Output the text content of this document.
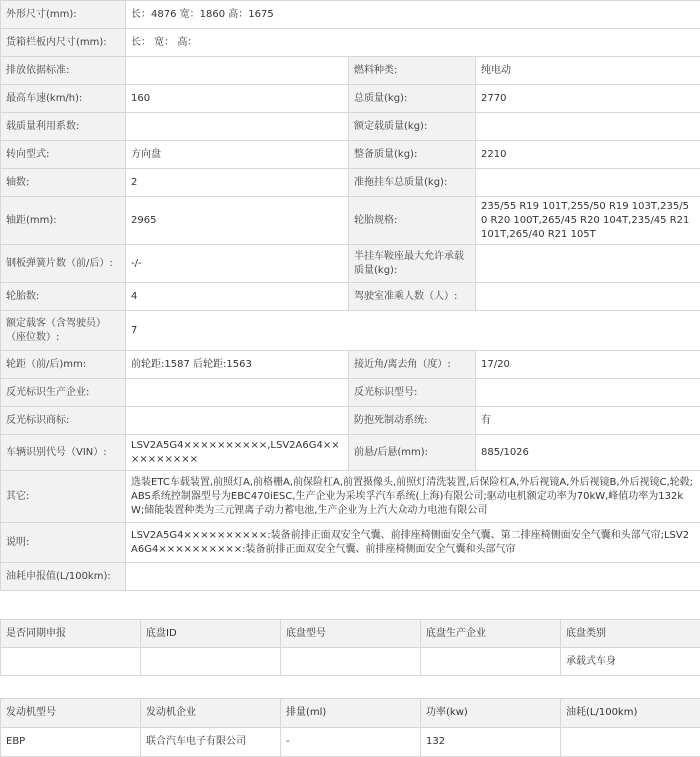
外形尺寸(mm):	长：4876 宽：1860 高：1675		
货箱栏板内尺寸(mm):	长： 宽： 高：		
排放依据标准:		燃料种类:	纯电动
最高车速(km/h):	160	总质量(kg):	2770
载质量利用系数:		额定载质量(kg):	
转向型式:	方向盘	整备质量(kg):	2210
轴数:	2	准拖挂车总质量(kg):	
轴距(mm):	2965	轮胎规格:	235/55 R19 101T,255/50 R19 103T,235/50 R20 100T,265/45 R20 104T,235/45 R21 101T,265/40 R21 105T
钢板弹簧片数（前/后）:	-/-	半挂车鞍座最大允许承载质量(kg):	
轮胎数:	4	驾驶室准乘人数（人）:	
额定载客（含驾驶员）（座位数）:	7		
轮距（前/后)mm:	前轮距:1587 后轮距:1563	接近角/离去角（度）:	17/20
反光标识生产企业:		反光标识型号:	
反光标识商标:		防抱死制动系统:	有
车辆识别代号（VIN）:	LSV2A5G4××××××××××,LSV2A6G4××××××××××	前悬/后悬(mm):	885/1026
其它:	选装ETC车载装置,前照灯A,前格栅A,前保险杠A,前置摄像头,前照灯清洗装置,后保险杠A,外后视镜A,外后视镜B,外后视镜C,轮毂;ABS系统控制器型号为EBC470iESC,生产企业为采埃孚汽车系统(上海)有限公司;驱动电机额定功率为70kW,峰值功率为132kW;储能装置种类为三元锂离子动力蓄电池,生产企业为上汽大众动力电池有限公司		
说明:	LSV2A5G4××××××××××:装备前排正面双安全气囊、前排座椅侧面安全气囊、第二排座椅侧面安全气囊和头部气帘;LSV2A6G4××××××××××:装备前排正面双安全气囊、前排座椅侧面安全气囊和头部气帘		
油耗申报值(L/100km):			
是否同期申报	底盘ID	底盘型号	底盘生产企业	底盘类别
				承载式车身
发动机型号	发动机企业	排量(ml)	功率(kw)	油耗(L/100km)
EBP	联合汽车电子有限公司	-	132	
